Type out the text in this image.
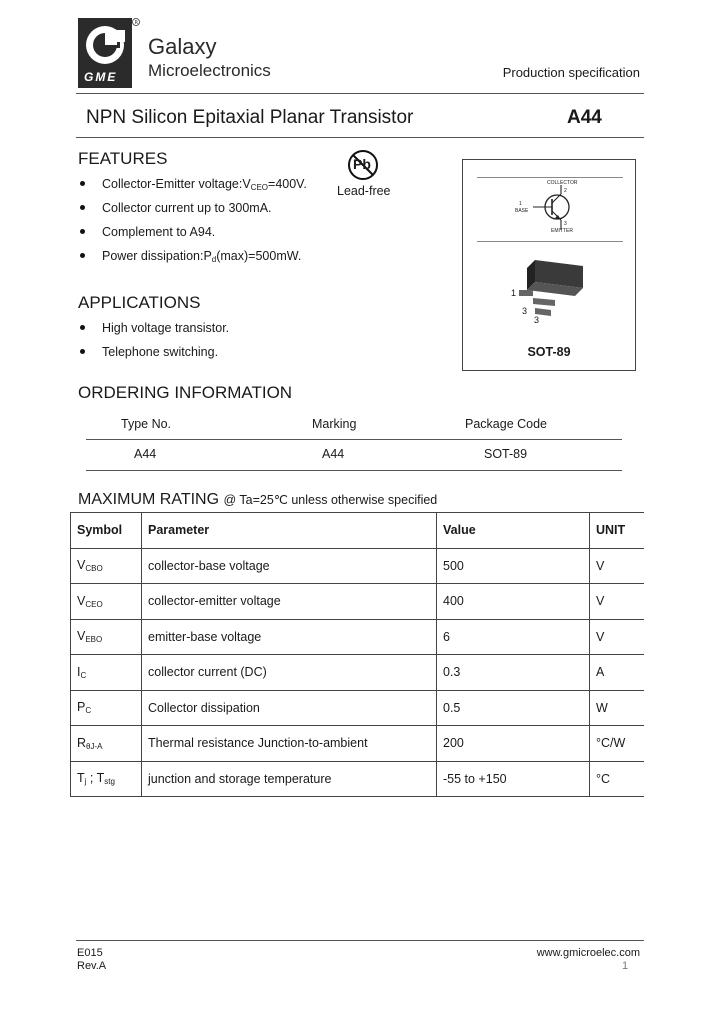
R
GME
Galaxy
Microelectronics	Production specification
NPN Silicon Epitaxial Planar Transistor	A44
FEATURES	Pb
Lead-free
Collector-Emitter $voltage:V_{CEO}=400V$.
Collector current up to 300mA.
Complement to A94.
Power $dissipation:P_d(\max)=500mW$.
COLLECTOR
2
1
BASE
3
EMITTER
1
3
3
SOT-89
APPLICATIONS
High voltage transistor.
Telephone switching.
ORDERING INFORMATION
Type No.	Marking	Package Code
A44	A44	SOT-89
MAXIMUM RATING @ Ta=25℃ unless otherwise specified
Symbol	Parameter	Value	UNIT
$V_{CBO}$	collector-base voltage	500	V
$V_{CEO}$	collector-emitter voltage	400	V
$V_{EBO}$	emitter-base voltage	6	V
$I_C$	collector current (DC)	0.3	A
$P_C$	Collector dissipation	0.5	W
$R_{\theta J-A}$	Thermal resistance Junction-to-ambient	200	°C/W
$T_j$ ; $T_{stg}$	junction and storage temperature	-55 to +150	°C
E015
Rev.A
www.gmicroelec.com
1
